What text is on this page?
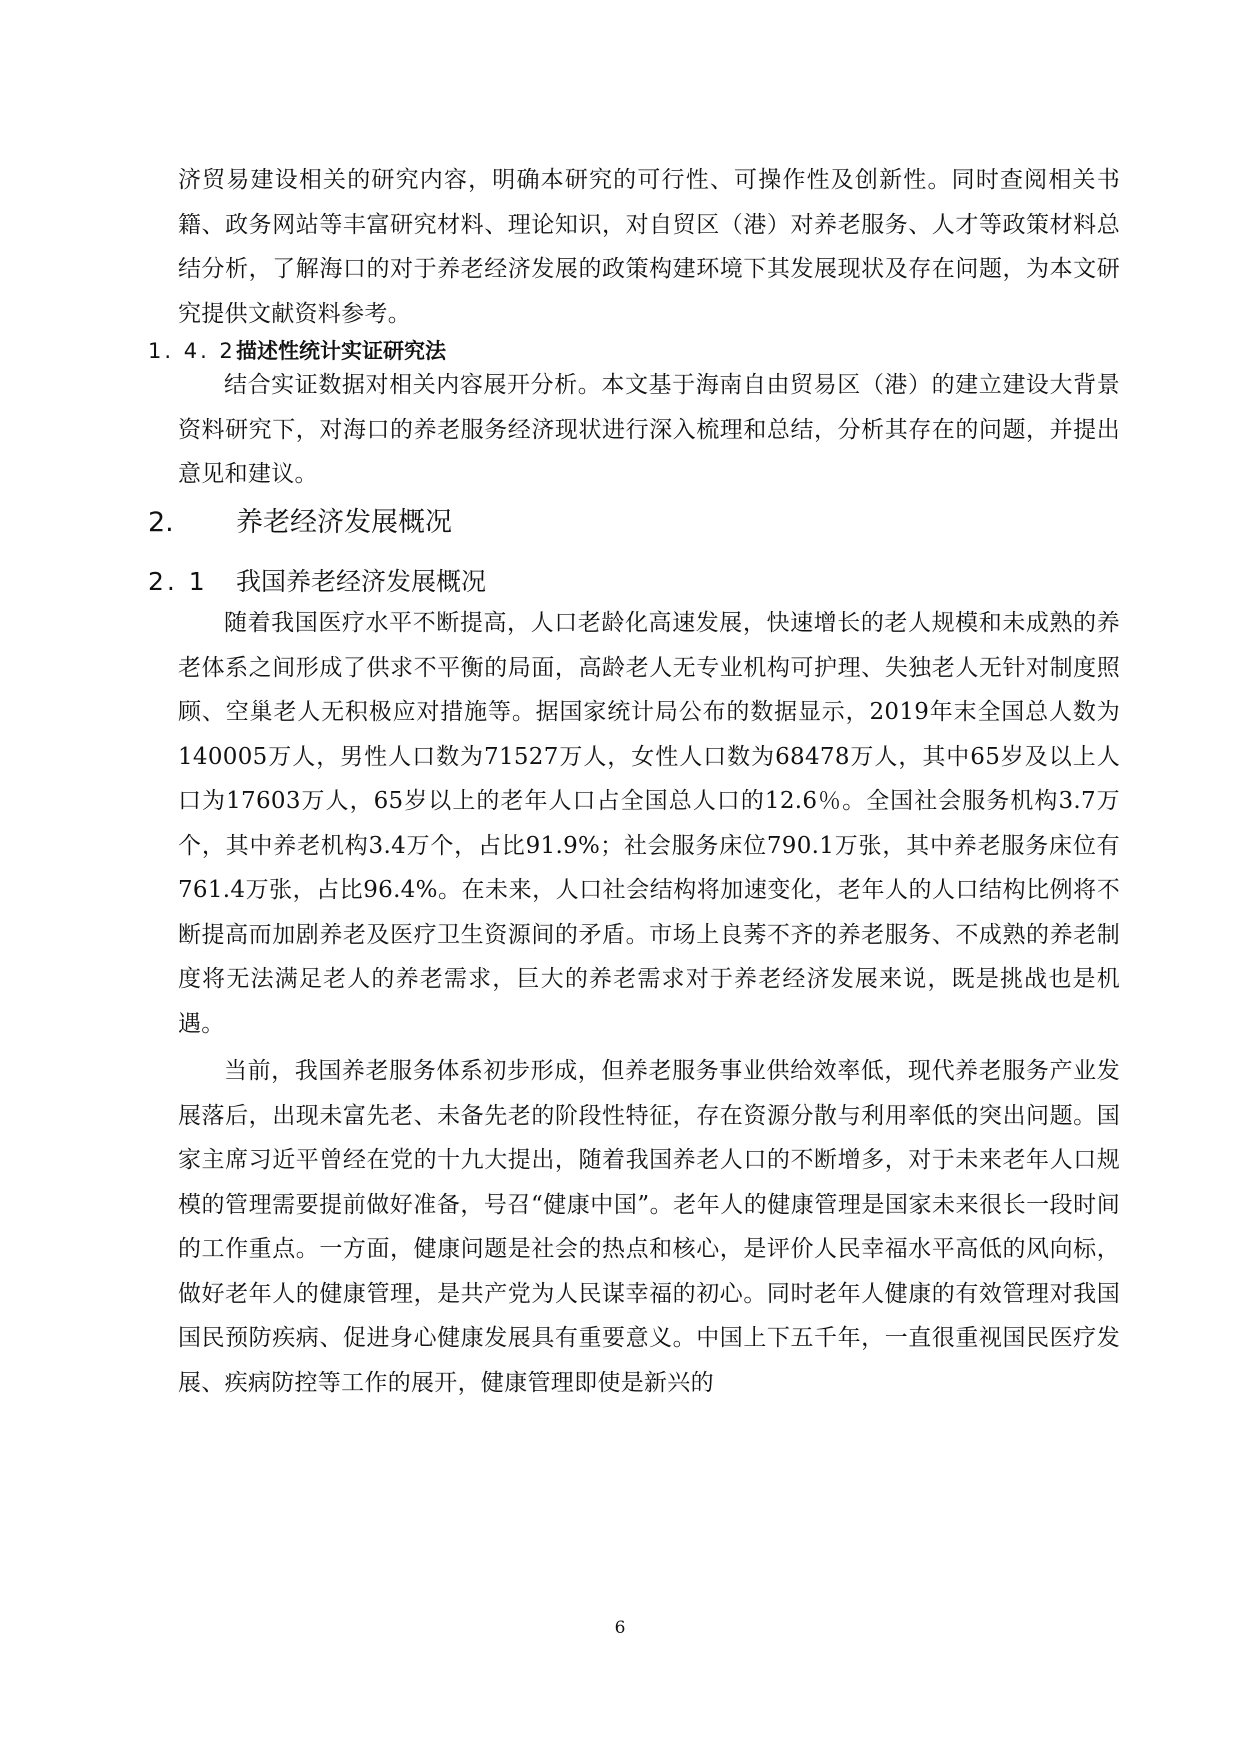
济贸易建设相关的研究内容，明确本研究的可行性、可操作性及创新性。同时查阅相关书籍、政务网站等丰富研究材料、理论知识，对自贸区（港）对养老服务、人才等政策材料总结分析，了解海口的对于养老经济发展的政策构建环境下其发展现状及存在问题，为本文研究提供文献资料参考。

1. 4. 2描述性统计实证研究法

结合实证数据对相关内容展开分析。本文基于海南自由贸易区（港）的建立建设大背景资料研究下，对海口的养老服务经济现状进行深入梳理和总结，分析其存在的问题，并提出意见和建议。

2. 养老经济发展概况
2. 1 我国养老经济发展概况

随着我国医疗水平不断提高，人口老龄化高速发展，快速增长的老人规模和未成熟的养老体系之间形成了供求不平衡的局面，高龄老人无专业机构可护理、失独老人无针对制度照顾、空巢老人无积极应对措施等。据国家统计局公布的数据显示，2019年末全国总人数为140005万人，男性人口数为71527万人，女性人口数为68478万人，其中65岁及以上人口为17603万人，65岁以上的老年人口占全国总人口的12.6％。全国社会服务机构3.7万个，其中养老机构3.4万个，占比91.9%；社会服务床位790.1万张，其中养老服务床位有761.4万张，占比96.4%。在未来，人口社会结构将加速变化，老年人的人口结构比例将不断提高而加剧养老及医疗卫生资源间的矛盾。市场上良莠不齐的养老服务、不成熟的养老制度将无法满足老人的养老需求，巨大的养老需求对于养老经济发展来说，既是挑战也是机遇。

当前，我国养老服务体系初步形成，但养老服务事业供给效率低，现代养老服务产业发展落后，出现未富先老、未备先老的阶段性特征，存在资源分散与利用率低的突出问题。国家主席习近平曾经在党的十九大提出，随着我国养老人口的不断增多，对于未来老年人口规模的管理需要提前做好准备，号召“健康中国”。老年人的健康管理是国家未来很长一段时间的工作重点。一方面，健康问题是社会的热点和核心，是评价人民幸福水平高低的风向标，做好老年人的健康管理，是共产党为人民谋幸福的初心。同时老年人健康的有效管理对我国国民预防疾病、促进身心健康发展具有重要意义。中国上下五千年，一直很重视国民医疗发展、疾病防控等工作的展开，健康管理即使是新兴的

6
